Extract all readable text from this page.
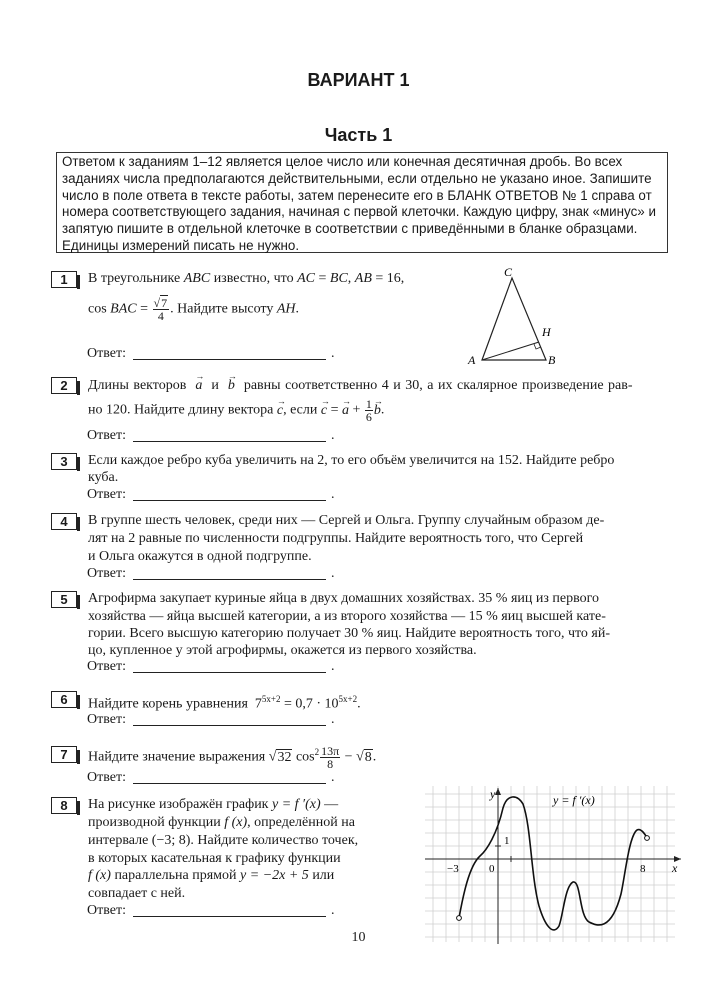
ВАРИАНТ 1
Часть 1
Ответом к заданиям 1–12 является целое число или конечная десятичная дробь. Во всех заданиях числа предполагаются действительными, если отдельно не указано иное. Запишите число в поле ответа в тексте работы, затем перенесите его в БЛАНК ОТВЕТОВ № 1 справа от номера соответствующего задания, начиная с первой клеточки. Каждую цифру, знак «минус» и запятую пишите в отдельной клеточке в соответствии с приведёнными в бланке образцами. Единицы измерений писать не нужно.
1	В треугольнике ABC известно, что AC = BC, AB = 16,
cos BAC = $\frac{√7}{4}$ . Найдите высоту AH.
C
H
A	B
Ответ:	.
2	Длины векторов  → a и  → b равны соответственно 4 и 30, а их скалярное произведение рав-
но 120. Найдите длину вектора → c, если → c = → $a + \frac{1}{6}$
→ b.
Ответ:	.
3	Если каждое ребро куба увеличить на 2, то его объём увеличится на 152. Найдите ребро
куба.
Ответ:	.
4	В группе шесть человек, среди них — Сергей и Ольга. Группу случайным образом де-
лят на 2 равные по численности подгруппы. Найдите вероятность того, что Сергей
и Ольга окажутся в одной подгруппе.
Ответ:	.
5	Агрофирма закупает куриные яйца в двух домашних хозяйствах. 35 % яиц из первого
хозяйства — яйца высшей категории, а из второго хозяйства — 15 % яиц высшей кате-
гории. Всего высшую категорию получает 30 % яиц. Найдите вероятность того, что яй-
цо, купленное у этой агрофирмы, окажется из первого хозяйства.
Ответ:	.
6	Найдите корень уравнения $7^{5x+2} = 0,7 \cdot 10^{5x+2}$.
Ответ:	.
7	Найдите значение выражения √32 $\cos^2 \frac{13\pi}{8} - √8$.
Ответ:	.
8	На рисунке изображён график y = f ′(x) —
производной функции f (x), определённой на
интервале (−3; 8). Найдите количество точек,
в которых касательная к графику функции
f (x) параллельна прямой y = −2x + 5 или
совпадает с ней.
Ответ:	.
y
x
y = f ′(x)
−3	0
1
8
10
